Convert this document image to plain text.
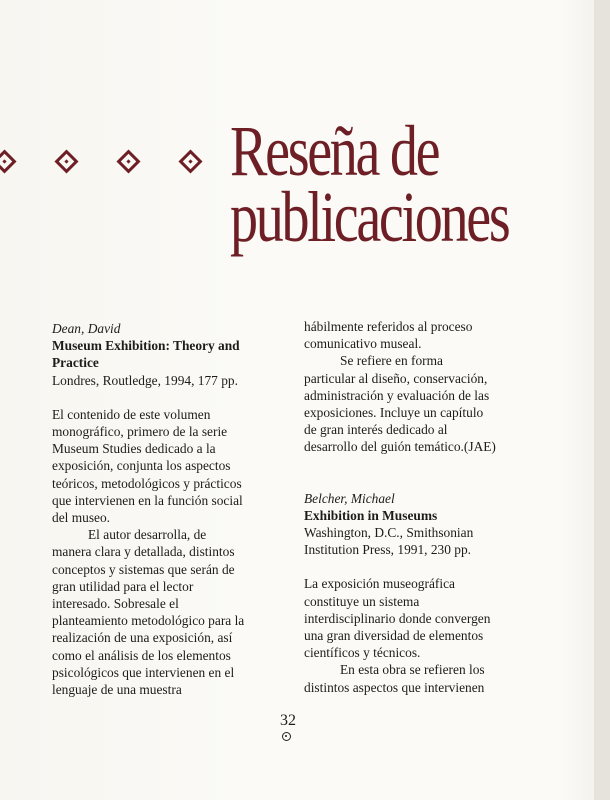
Reseña de
publicaciones

Dean, David

Museum Exhibition: Theory and
Practice

Londres, Routledge, 1994, 177 pp.

El contenido de este volumen
monográfico, primero de la serie
Museum Studies dedicado a la
exposición, conjunta los aspectos
teóricos, metodológicos y prácticos
que intervienen en la función social
del museo.

El autor desarrolla, de
manera clara y detallada, distintos
conceptos y sistemas que serán de
gran utilidad para el lector
interesado. Sobresale el
planteamiento metodológico para la
realización de una exposición, así
como el análisis de los elementos
psicológicos que intervienen en el
lenguaje de una muestra

hábilmente referidos al proceso
comunicativo museal.

Se refiere en forma
particular al diseño, conservación,
administración y evaluación de las
exposiciones. Incluye un capítulo
de gran interés dedicado al
desarrollo del guión temático.(JAE)

Belcher, Michael

Exhibition in Museums

Washington, D.C., Smithsonian
Institution Press, 1991, 230 pp.

La exposición museográfica
constituye un sistema
interdisciplinario donde convergen
una gran diversidad de elementos
científicos y técnicos.

En esta obra se refieren los
distintos aspectos que intervienen

32
